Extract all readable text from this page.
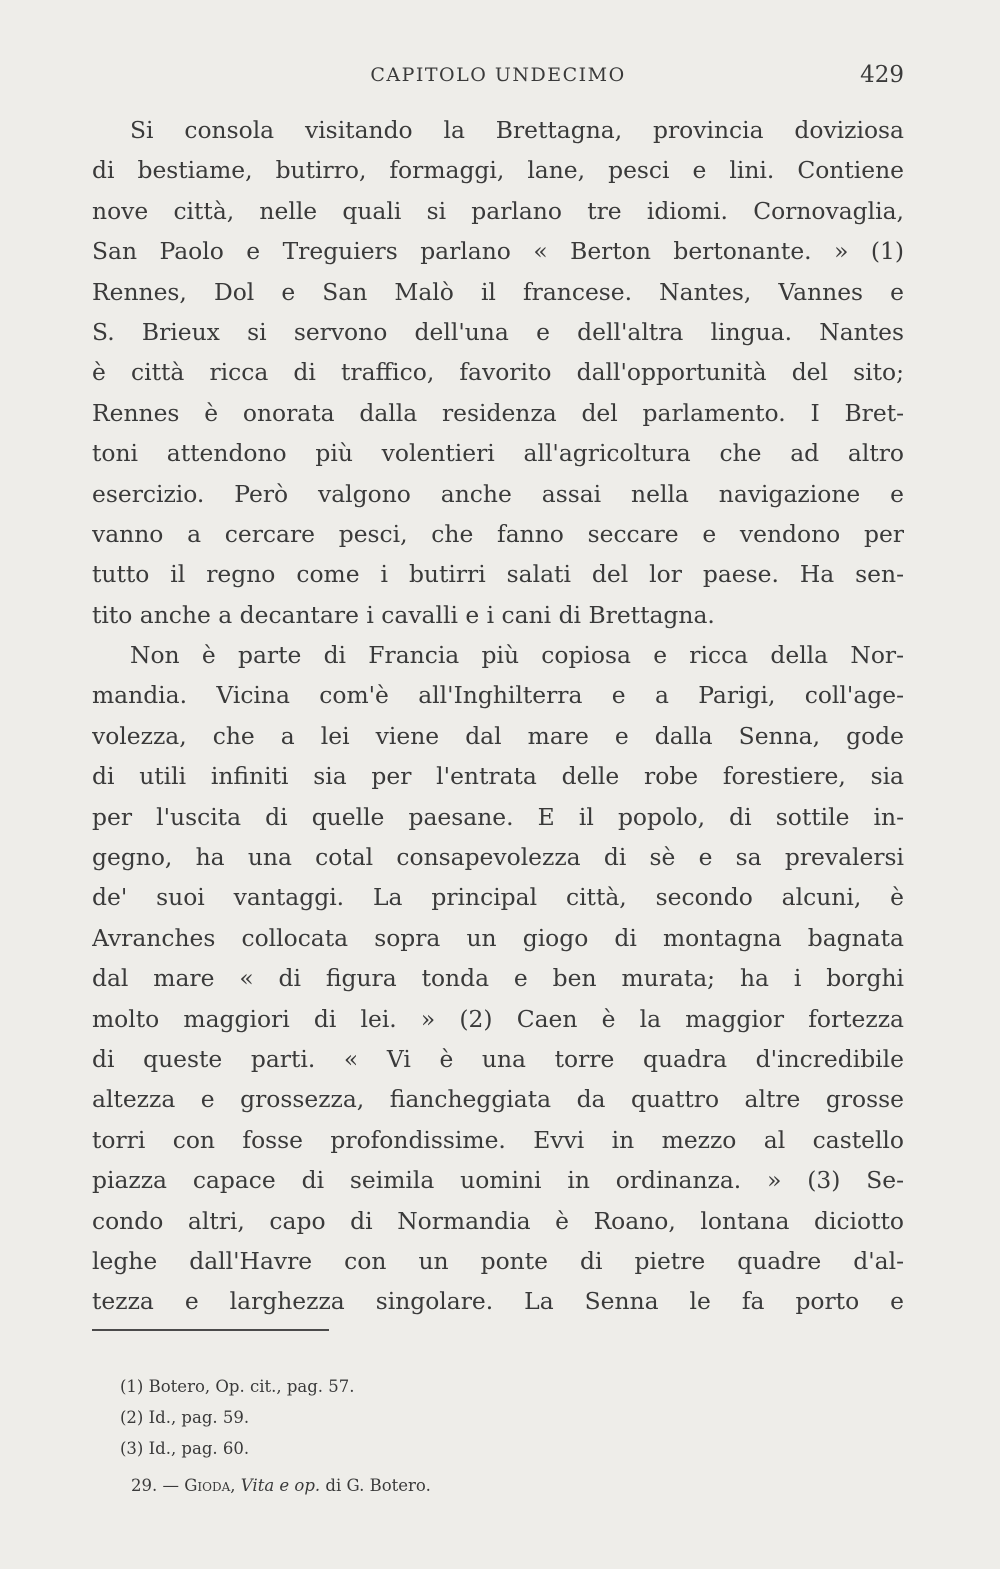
CAPITOLO UNDECIMO	429
Si consola visitando la Brettagna, provincia doviziosa
di bestiame, butirro, formaggi, lane, pesci e lini. Contiene
nove città, nelle quali si parlano tre idiomi. Cornovaglia,
San Paolo e Treguiers parlano « Berton bertonante. » (1)
Rennes, Dol e San Malò il francese. Nantes, Vannes e
S. Brieux si servono dell'una e dell'altra lingua. Nantes
è città ricca di traffico, favorito dall'opportunità del sito;
Rennes è onorata dalla residenza del parlamento. I Bret-
toni attendono più volentieri all'agricoltura che ad altro
esercizio. Però valgono anche assai nella navigazione e
vanno a cercare pesci, che fanno seccare e vendono per
tutto il regno come i butirri salati del lor paese. Ha sen-
tito anche a decantare i cavalli e i cani di Brettagna.
Non è parte di Francia più copiosa e ricca della Nor-
mandia. Vicina com'è all'Inghilterra e a Parigi, coll'age-
volezza, che a lei viene dal mare e dalla Senna, gode
di utili infiniti sia per l'entrata delle robe forestiere, sia
per l'uscita di quelle paesane. E il popolo, di sottile in-
gegno, ha una cotal consapevolezza di sè e sa prevalersi
de' suoi vantaggi. La principal città, secondo alcuni, è
Avranches collocata sopra un giogo di montagna bagnata
dal mare « di figura tonda e ben murata; ha i borghi
molto maggiori di lei. » (2) Caen è la maggior fortezza
di queste parti. « Vi è una torre quadra d'incredibile
altezza e grossezza, fiancheggiata da quattro altre grosse
torri con fosse profondissime. Evvi in mezzo al castello
piazza capace di seimila uomini in ordinanza. » (3) Se-
condo altri, capo di Normandia è Roano, lontana diciotto
leghe dall'Havre con un ponte di pietre quadre d'al-
tezza e larghezza singolare. La Senna le fa porto e
(1) Botero, Op. cit., pag. 57.
(2) Id., pag. 59.
(3) Id., pag. 60.
29. — Gioda, Vita e op. di G. Botero.
